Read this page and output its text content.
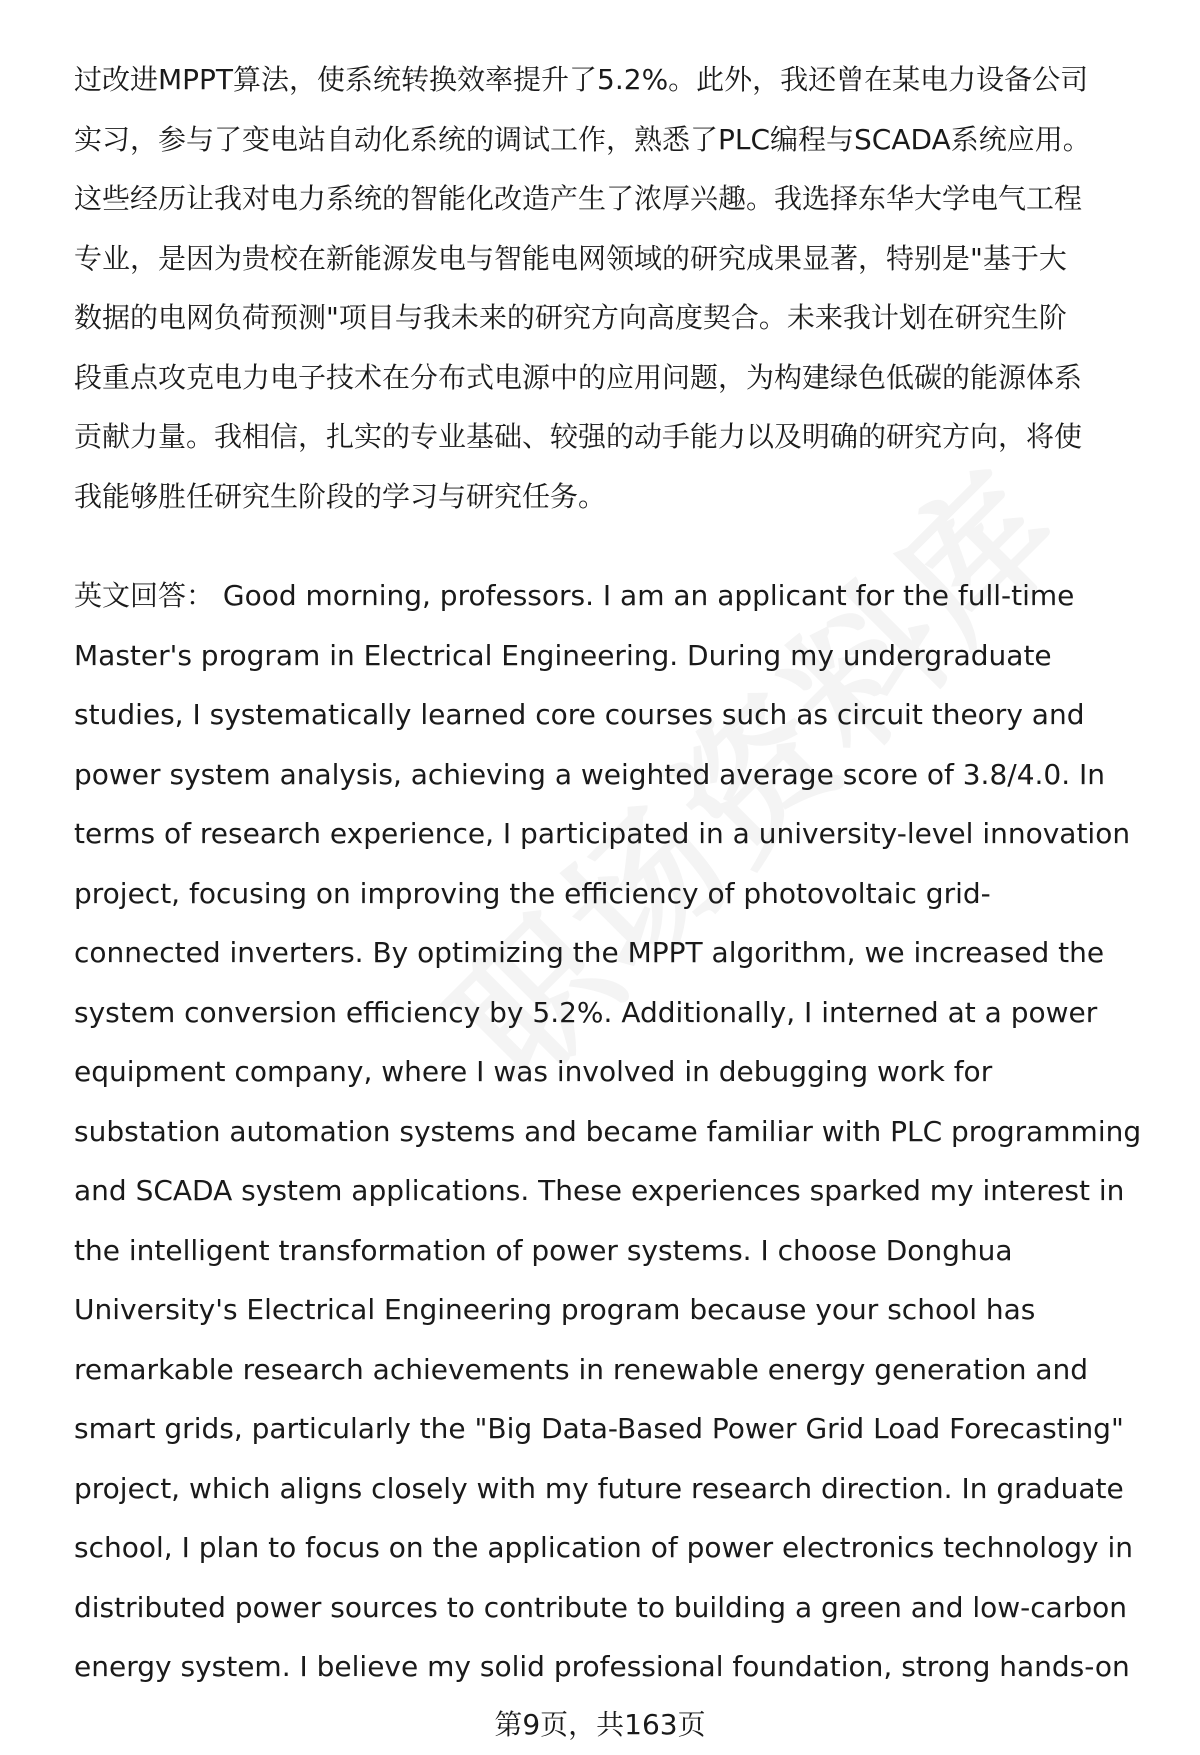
过改进MPPT算法，使系统转换效率提升了5.2%。此外，我还曾在某电力设备公司
实习，参与了变电站自动化系统的调试工作，熟悉了PLC编程与SCADA系统应用。
这些经历让我对电力系统的智能化改造产生了浓厚兴趣。我选择东华大学电气工程
专业，是因为贵校在新能源发电与智能电网领域的研究成果显著，特别是"基于大
数据的电网负荷预测"项目与我未来的研究方向高度契合。未来我计划在研究生阶
段重点攻克电力电子技术在分布式电源中的应用问题，为构建绿色低碳的能源体系
贡献力量。我相信，扎实的专业基础、较强的动手能力以及明确的研究方向，将使
我能够胜任研究生阶段的学习与研究任务。
英文回答： Good morning, professors. I am an applicant for the full-time
Master's program in Electrical Engineering. During my undergraduate
studies, I systematically learned core courses such as circuit theory and
power system analysis, achieving a weighted average score of 3.8/4.0. In
terms of research experience, I participated in a university-level innovation
project, focusing on improving the efficiency of photovoltaic grid-
connected inverters. By optimizing the MPPT algorithm, we increased the
system conversion efficiency by 5.2%. Additionally, I interned at a power
equipment company, where I was involved in debugging work for
substation automation systems and became familiar with PLC programming
and SCADA system applications. These experiences sparked my interest in
the intelligent transformation of power systems. I choose Donghua
University's Electrical Engineering program because your school has
remarkable research achievements in renewable energy generation and
smart grids, particularly the "Big Data-Based Power Grid Load Forecasting"
project, which aligns closely with my future research direction. In graduate
school, I plan to focus on the application of power electronics technology in
distributed power sources to contribute to building a green and low-carbon
energy system. I believe my solid professional foundation, strong hands-on
第9页，共163页
